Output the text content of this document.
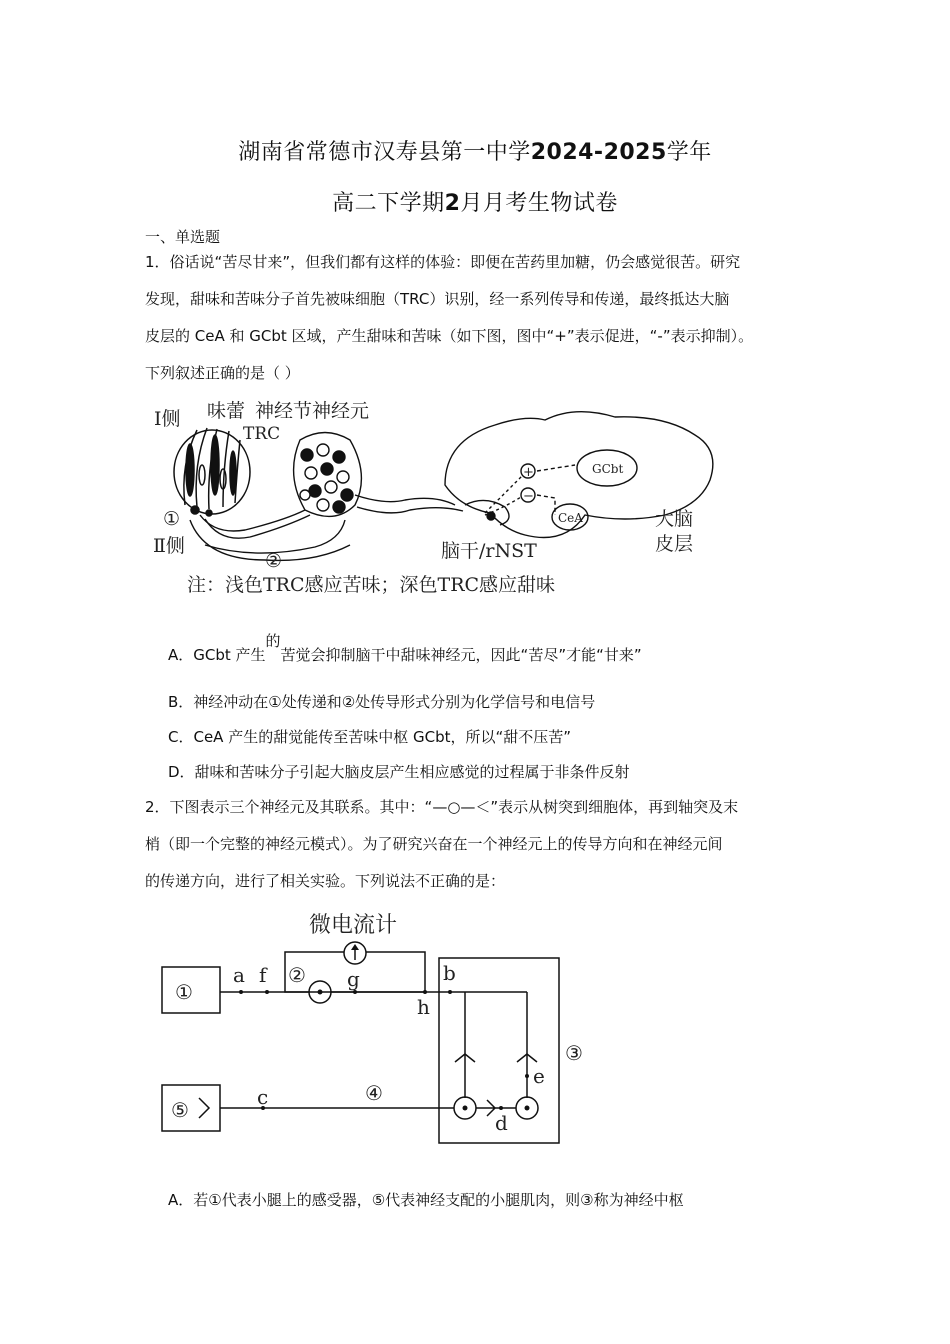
湖南省常德市汉寿县第一中学2024-2025学年
高二下学期2月月考生物试卷
一、单选题
1．俗话说“苦尽甘来”，但我们都有这样的体验：即便在苦药里加糖，仍会感觉很苦。研究
发现，甜味和苦味分子首先被味细胞（TRC）识别，经一系列传导和传递，最终抵达大脑
皮层的 CeA 和 GCbt 区域，产生甜味和苦味（如下图，图中“+”表示促进，“-”表示抑制）。
下列叙述正确的是（ ）
Ⅰ侧 味蕾 神经节神经元
TRC
①
Ⅱ侧
②	脑干/rNST
大脑
皮层
GCbt
CeA
+
−
注：浅色TRC感应苦味；深色TRC感应甜味
A．GCbt 产生的苦觉会抑制脑干中甜味神经元，因此“苦尽”才能“甘来”
B．神经冲动在①处传递和②处传导形式分别为化学信号和电信号
C．CeA 产生的甜觉能传至苦味中枢 GCbt，所以“甜不压苦”
D．甜味和苦味分子引起大脑皮层产生相应感觉的过程属于非条件反射
2．下图表示三个神经元及其联系。其中：“—○—＜”表示从树突到细胞体，再到轴突及末
梢（即一个完整的神经元模式）。为了研究兴奋在一个神经元上的传导方向和在神经元间
的传递方向，进行了相关实验。下列说法不正确的是：
微电流计
①
⑤
a f ② g
h
b
③
e
c	④
d
A．若①代表小腿上的感受器，⑤代表神经支配的小腿肌肉，则③称为神经中枢
